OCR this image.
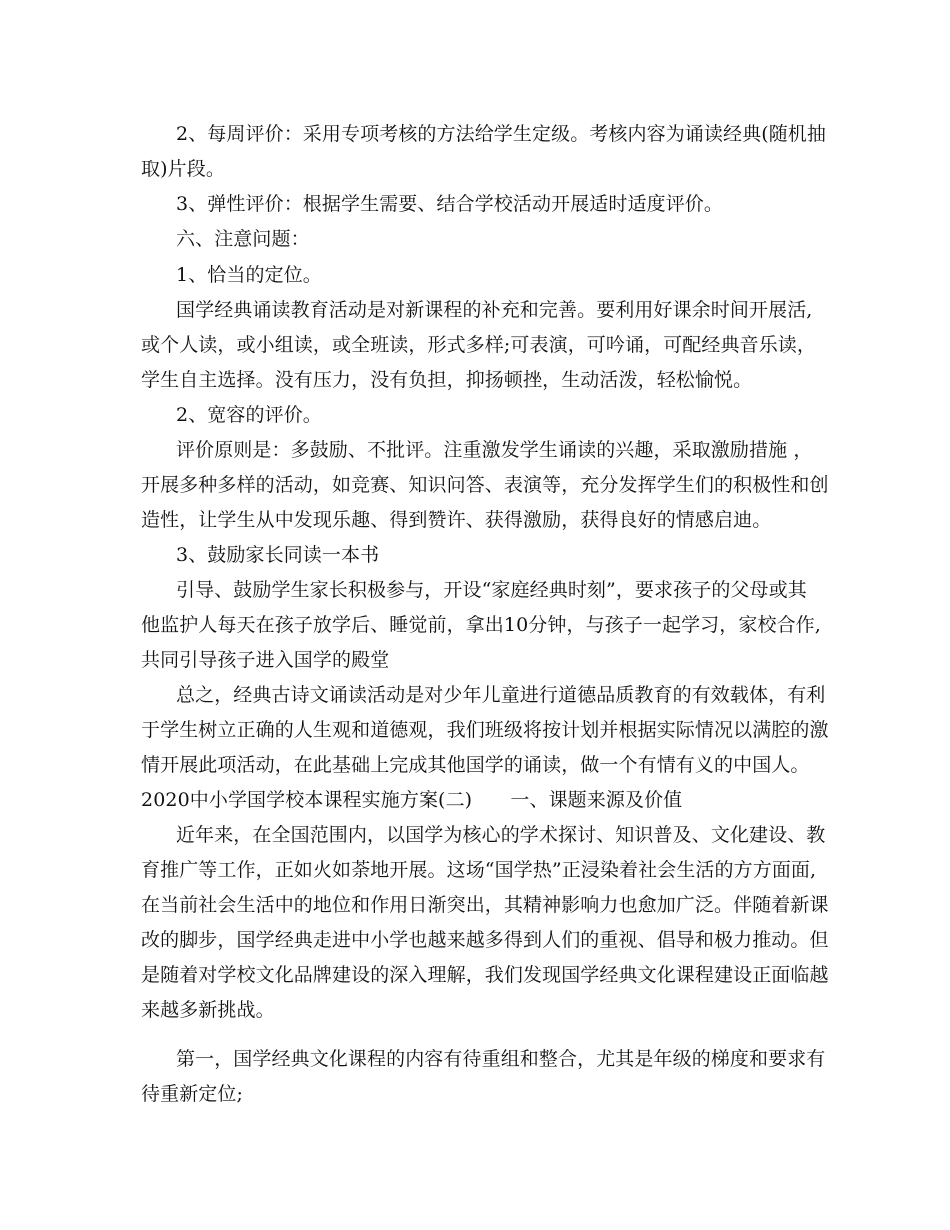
2、每周评价：采用专项考核的方法给学生定级。考核内容为诵读经典(随机抽
取)片段。
3、弹性评价：根据学生需要、结合学校活动开展适时适度评价。
六、注意问题：
1、恰当的定位。
国学经典诵读教育活动是对新课程的补充和完善。要利用好课余时间开展活,
或个人读，或小组读，或全班读，形式多样;可表演，可吟诵，可配经典音乐读，
学生自主选择。没有压力，没有负担，抑扬顿挫，生动活泼，轻松愉悦。
2、宽容的评价。
评价原则是：多鼓励、不批评。注重激发学生诵读的兴趣，采取激励措施 ，
开展多种多样的活动，如竞赛、知识问答、表演等，充分发挥学生们的积极性和创
造性，让学生从中发现乐趣、得到赞许、获得激励，获得良好的情感启迪。
3、鼓励家长同读一本书
引导、鼓励学生家长积极参与，开设“家庭经典时刻”，要求孩子的父母或其
他监护人每天在孩子放学后、睡觉前，拿出10分钟，与孩子一起学习，家校合作,
共同引导孩子进入国学的殿堂
总之，经典古诗文诵读活动是对少年儿童进行道德品质教育的有效载体，有利
于学生树立正确的人生观和道德观，我们班级将按计划并根据实际情况以满腔的激
情开展此项活动，在此基础上完成其他国学的诵读，做一个有情有义的中国人。
2020中小学国学校本课程实施方案(二)　　一、课题来源及价值
近年来，在全国范围内，以国学为核心的学术探讨、知识普及、文化建设、教
育推广等工作，正如火如荼地开展。这场“国学热”正浸染着社会生活的方方面面,
在当前社会生活中的地位和作用日渐突出，其精神影响力也愈加广泛。伴随着新课
改的脚步，国学经典走进中小学也越来越多得到人们的重视、倡导和极力推动。但
是随着对学校文化品牌建设的深入理解，我们发现国学经典文化课程建设正面临越
来越多新挑战。
第一，国学经典文化课程的内容有待重组和整合，尤其是年级的梯度和要求有
待重新定位;
